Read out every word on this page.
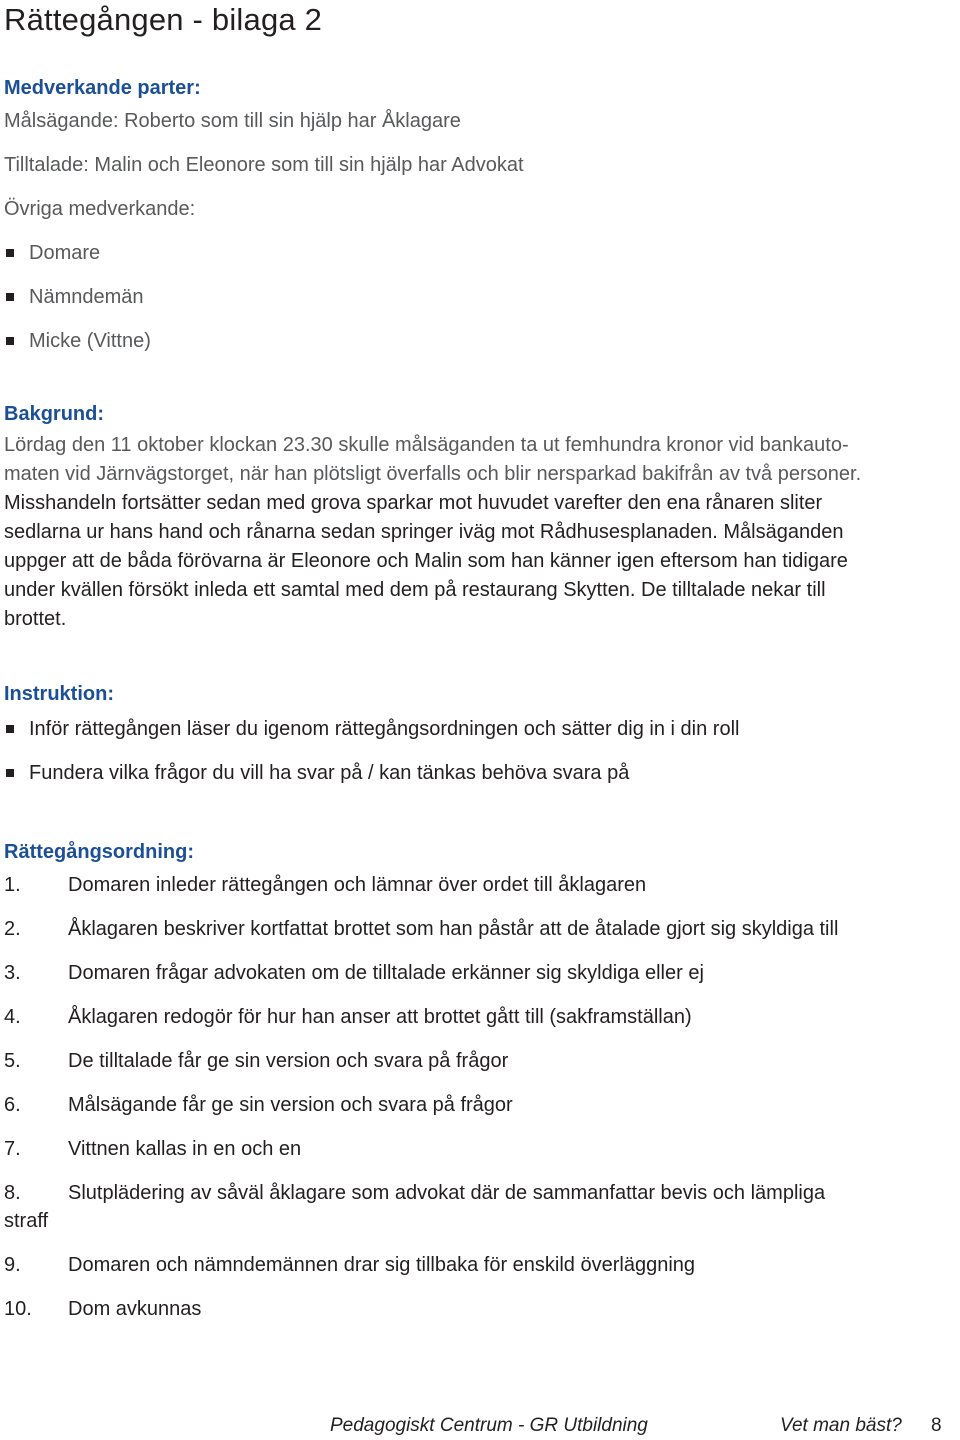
Rättegången - bilaga 2
Medverkande parter:

Målsägande: Roberto som till sin hjälp har Åklagare

Tilltalade: Malin och Eleonore som till sin hjälp har Advokat

Övriga medverkande:

Domare
Nämndemän
Micke (Vittne)
Bakgrund:
Lördag den 11 oktober klockan 23.30 skulle målsäganden ta ut femhundra kronor vid bankauto-
maten vid Järnvägstorget, när han plötsligt överfalls och blir nersparkad bakifrån av två personer.
Misshandeln fortsätter sedan med grova sparkar mot huvudet varefter den ena rånaren sliter
sedlarna ur hans hand och rånarna sedan springer iväg mot Rådhusesplanaden. Målsäganden
uppger att de båda förövarna är Eleonore och Malin som han känner igen eftersom han tidigare
under kvällen försökt inleda ett samtal med dem på restaurang Skytten. De tilltalade nekar till
brottet.
Instruktion:
Inför rättegången läser du igenom rättegångsordningen och sätter dig in i din roll
Fundera vilka frågor du vill ha svar på / kan tänkas behöva svara på
Rättegångsordning:
1. Domaren inleder rättegången och lämnar över ordet till åklagaren
2. Åklagaren beskriver kortfattat brottet som han påstår att de åtalade gjort sig skyldiga till
3. Domaren frågar advokaten om de tilltalade erkänner sig skyldiga eller ej
4. Åklagaren redogör för hur han anser att brottet gått till (sakframställan)
5. De tilltalade får ge sin version och svara på frågor
6. Målsägande får ge sin version och svara på frågor
7. Vittnen kallas in en och en
8. Slutplädering av såväl åklagare som advokat där de sammanfattar bevis och lämpliga
straff
9. Domaren och nämndemännen drar sig tillbaka för enskild överläggning
10. Dom avkunnas
Pedagogiskt Centrum - GR Utbildning	Vet man bäst? 8
